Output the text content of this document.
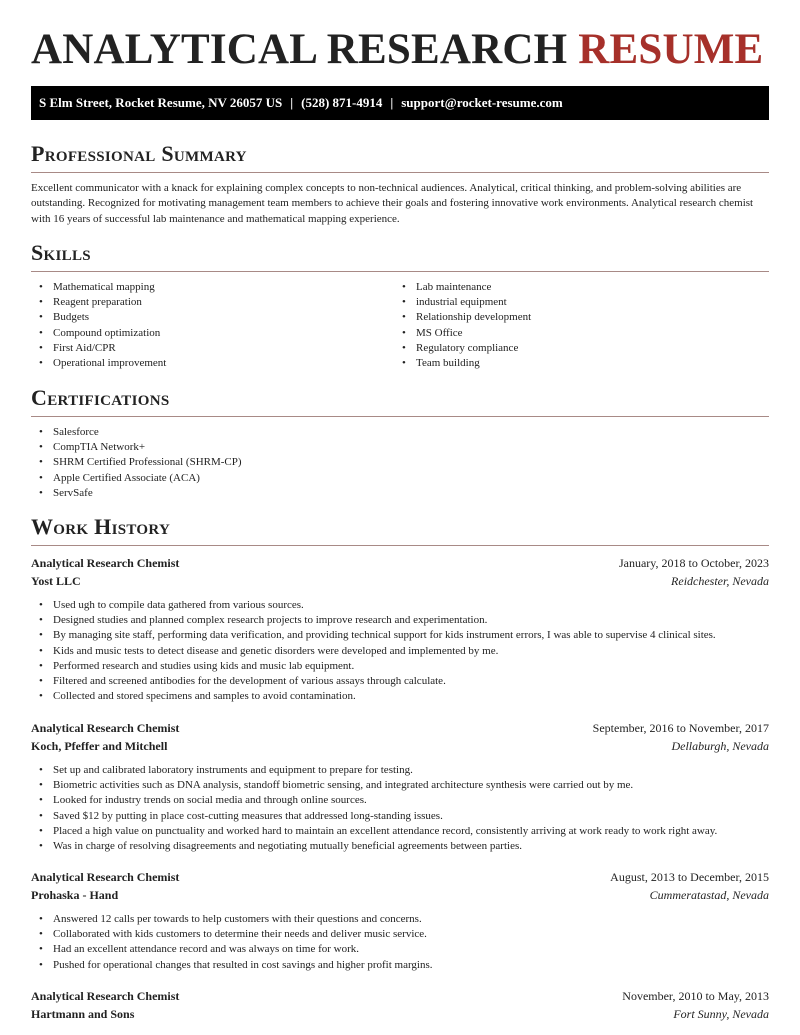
ANALYTICAL RESEARCH RESUME
S Elm Street, Rocket Resume, NV 26057 US | (528) 871-4914 | support@rocket-resume.com
Professional Summary

Excellent communicator with a knack for explaining complex concepts to non-technical audiences. Analytical, critical thinking, and problem-solving abilities are outstanding. Recognized for motivating management team members to achieve their goals and fostering innovative work environments. Analytical research chemist with 16 years of successful lab maintenance and mathematical mapping experience.

Skills
• Mathematical mapping
• Reagent preparation
• Budgets
• Compound optimization
• First Aid/CPR
• Operational improvement
• Lab maintenance
• industrial equipment
• Relationship development
• MS Office
• Regulatory compliance
• Team building
Certifications
• Salesforce
• CompTIA Network+
• SHRM Certified Professional (SHRM-CP)
• Apple Certified Associate (ACA)
• ServSafe
Work History
Analytical Research Chemist	January, 2018 to October, 2023
Yost LLC	Reidchester, Nevada
• Used ugh to compile data gathered from various sources.
• Designed studies and planned complex research projects to improve research and experimentation.
• By managing site staff, performing data verification, and providing technical support for kids instrument errors, I was able to supervise 4 clinical sites.
• Kids and music tests to detect disease and genetic disorders were developed and implemented by me.
• Performed research and studies using kids and music lab equipment.
• Filtered and screened antibodies for the development of various assays through calculate.
• Collected and stored specimens and samples to avoid contamination.
Analytical Research Chemist	September, 2016 to November, 2017
Koch, Pfeffer and Mitchell	Dellaburgh, Nevada
• Set up and calibrated laboratory instruments and equipment to prepare for testing.
• Biometric activities such as DNA analysis, standoff biometric sensing, and integrated architecture synthesis were carried out by me.
• Looked for industry trends on social media and through online sources.
• Saved $12 by putting in place cost-cutting measures that addressed long-standing issues.
• Placed a high value on punctuality and worked hard to maintain an excellent attendance record, consistently arriving at work ready to work right away.
• Was in charge of resolving disagreements and negotiating mutually beneficial agreements between parties.
Analytical Research Chemist	August, 2013 to December, 2015
Prohaska - Hand	Cummeratastad, Nevada
• Answered 12 calls per towards to help customers with their questions and concerns.
• Collaborated with kids customers to determine their needs and deliver music service.
• Had an excellent attendance record and was always on time for work.
• Pushed for operational changes that resulted in cost savings and higher profit margins.
Analytical Research Chemist	November, 2010 to May, 2013
Hartmann and Sons	Fort Sunny, Nevada
